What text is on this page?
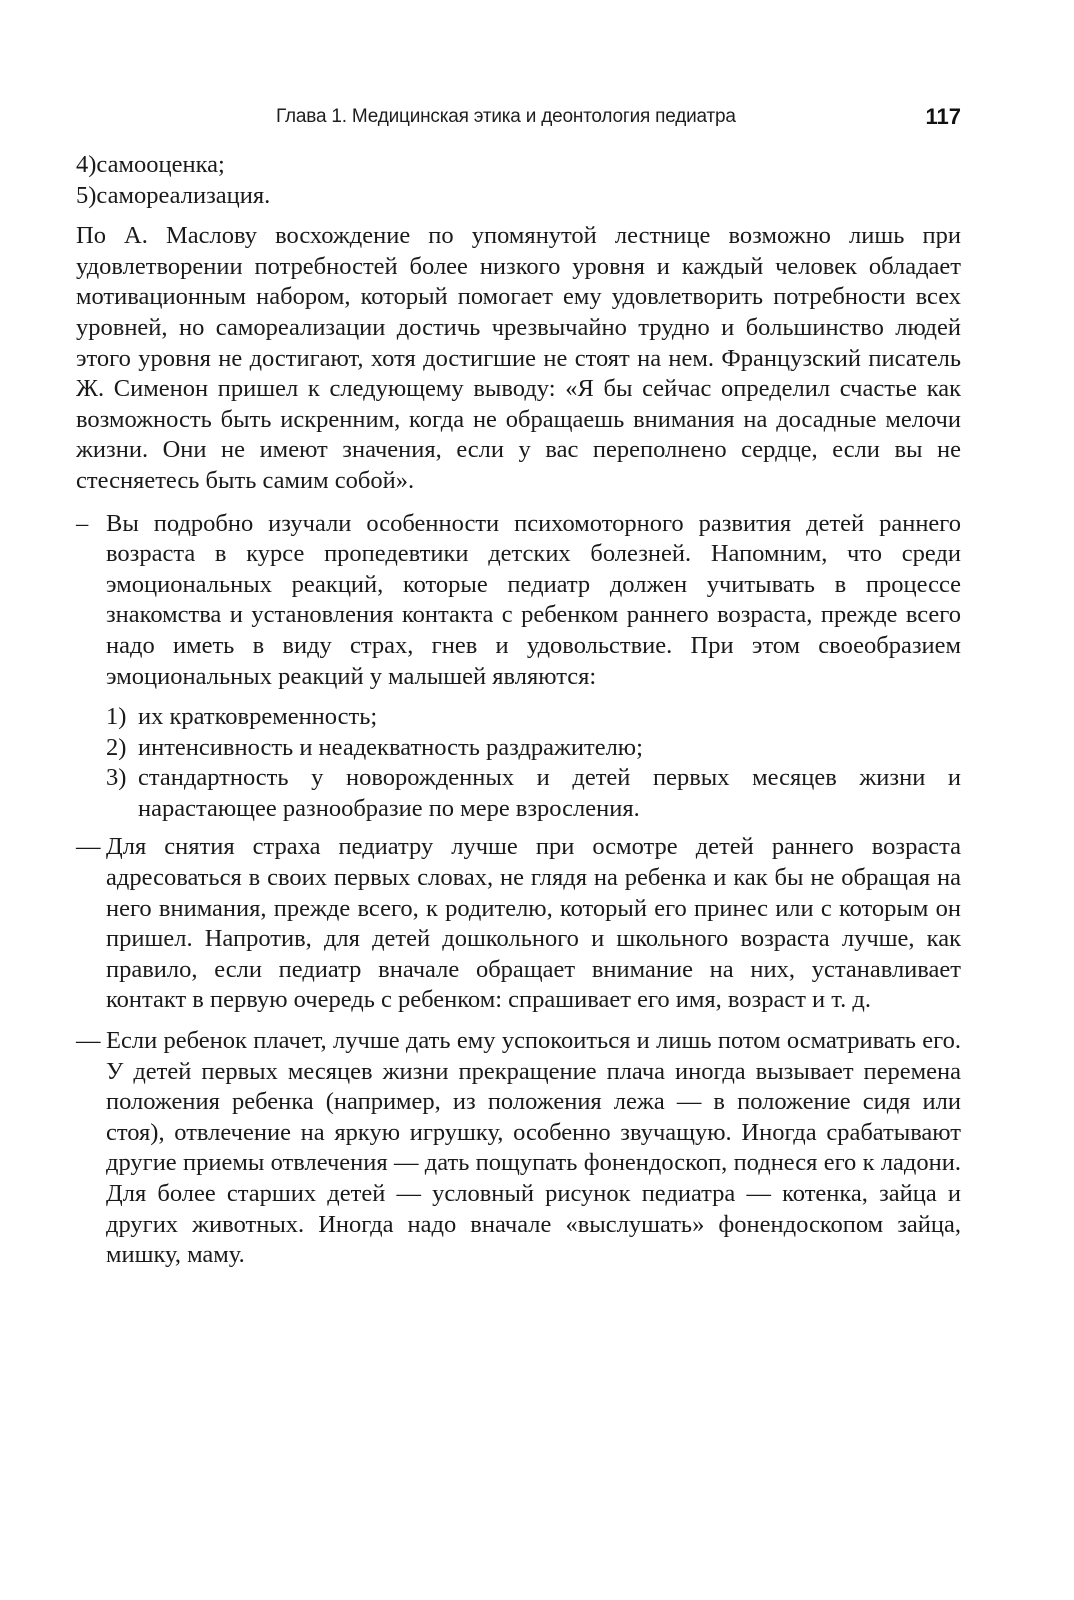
Глава 1. Медицинская этика и деонтология педиатра	117

4)самооценка;

5)самореализация.

По А. Маслову восхождение по упомянутой лестнице возможно лишь при удовлетворении потребностей более низкого уровня и каждый человек обладает мотивационным набором, который помогает ему удовлетворить потребности всех уровней, но самореализации достичь чрезвычайно трудно и большинство людей этого уровня не достигают, хотя достигшие не стоят на нем. Французский писатель Ж. Сименон пришел к следующему выводу: «Я бы сейчас определил счастье как возможность быть искренним, когда не обращаешь внимания на досадные мелочи жизни. Они не имеют значения, если у вас переполнено сердце, если вы не стесняетесь быть самим собой».

– Вы подробно изучали особенности психомоторного развития детей раннего возраста в курсе пропедевтики детских болезней. Напомним, что среди эмоциональных реакций, которые педиатр должен учитывать в процессе знакомства и установления контакта с ребенком раннего возраста, прежде всего надо иметь в виду страх, гнев и удовольствие. При этом своеобразием эмоциональных реакций у малышей являются:

1) их кратковременность;

2) интенсивность и неадекватность раздражителю;

3) стандартность у новорожденных и детей первых месяцев жизни и нарастающее разнообразие по мере взросления.

— Для снятия страха педиатру лучше при осмотре детей раннего возраста адресоваться в своих первых словах, не глядя на ребенка и как бы не обращая на него внимания, прежде всего, к родителю, который его принес или с которым он пришел. Напротив, для детей дошкольного и школьного возраста лучше, как правило, если педиатр вначале обращает внимание на них, устанавливает контакт в первую очередь с ребенком: спрашивает его имя, возраст и т. д.

— Если ребенок плачет, лучше дать ему успокоиться и лишь потом осматривать его. У детей первых месяцев жизни прекращение плача иногда вызывает перемена положения ребенка (например, из положения лежа — в положение сидя или стоя), отвлечение на яркую игрушку, особенно звучащую. Иногда срабатывают другие приемы отвлечения — дать пощупать фонендоскоп, поднеся его к ладони. Для более старших детей — условный рисунок педиатра — котенка, зайца и других животных. Иногда надо вначале «выслушать» фонендоскопом зайца, мишку, маму.
